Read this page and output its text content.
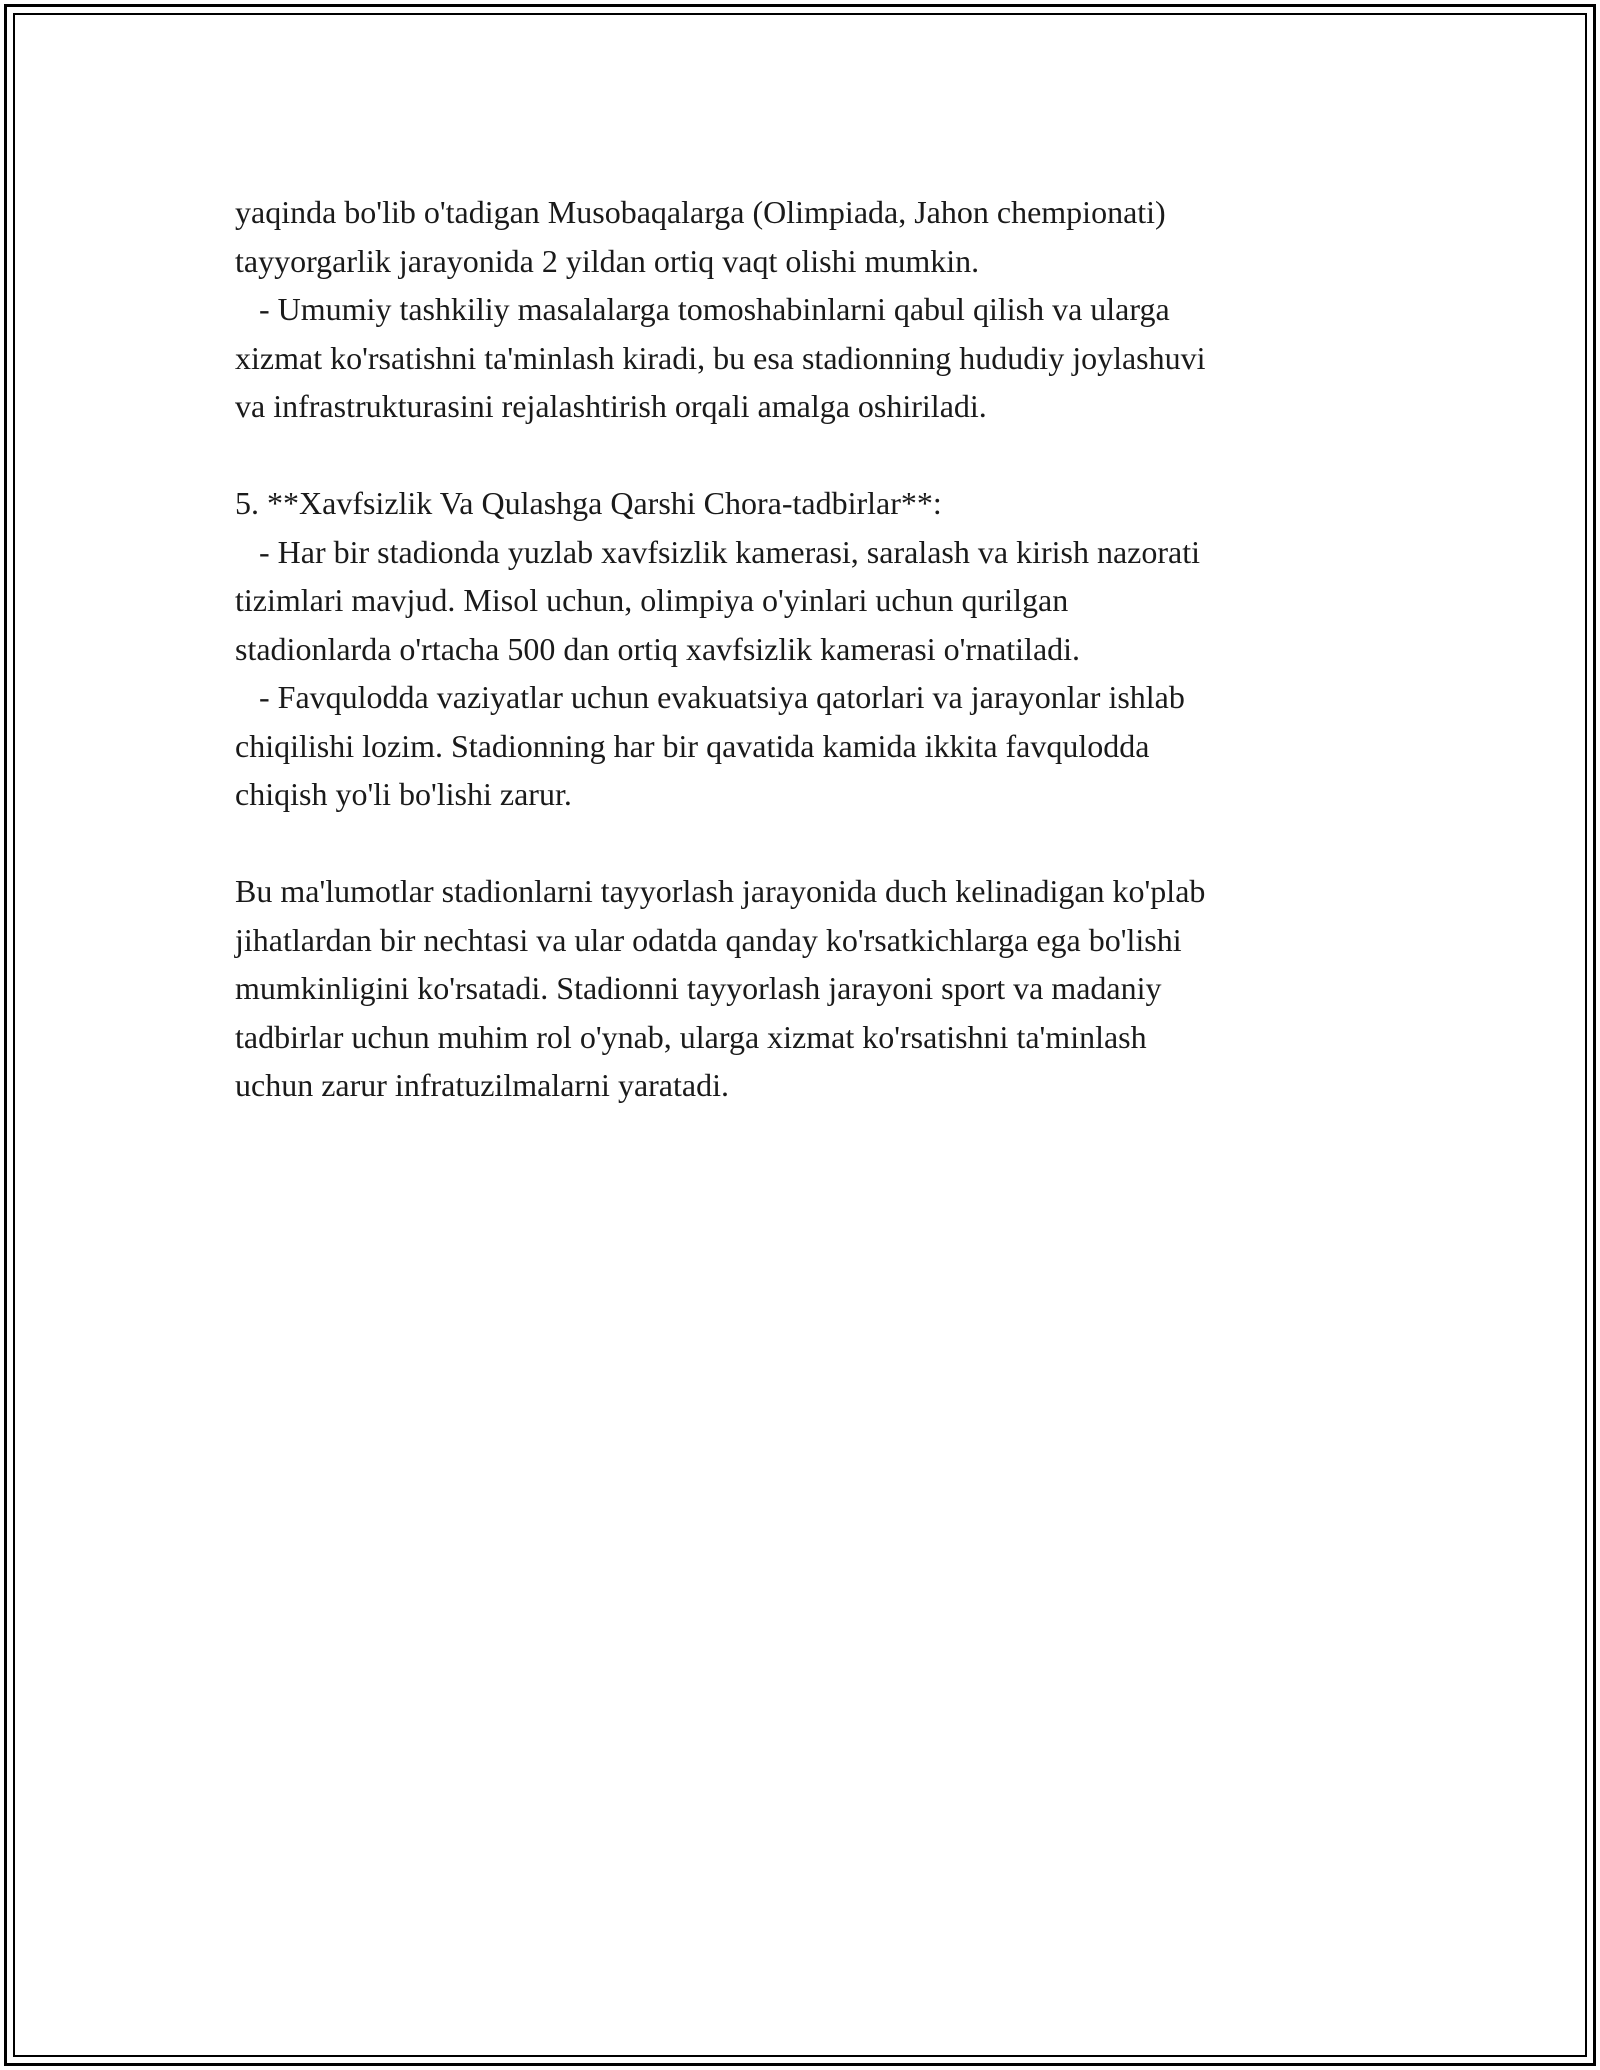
yaqinda bo'lib o'tadigan Musobaqalarga (Olimpiada, Jahon chempionati)
tayyorgarlik jarayonida 2 yildan ortiq vaqt olishi mumkin.
- Umumiy tashkiliy masalalarga tomoshabinlarni qabul qilish va ularga
xizmat ko'rsatishni ta'minlash kiradi, bu esa stadionning hududiy joylashuvi
va infrastrukturasini rejalashtirish orqali amalga oshiriladi.
5. **Xavfsizlik Va Qulashga Qarshi Chora-tadbirlar**:
- Har bir stadionda yuzlab xavfsizlik kamerasi, saralash va kirish nazorati
tizimlari mavjud. Misol uchun, olimpiya o'yinlari uchun qurilgan
stadionlarda o'rtacha 500 dan ortiq xavfsizlik kamerasi o'rnatiladi.
- Favqulodda vaziyatlar uchun evakuatsiya qatorlari va jarayonlar ishlab
chiqilishi lozim. Stadionning har bir qavatida kamida ikkita favqulodda
chiqish yo'li bo'lishi zarur.
Bu ma'lumotlar stadionlarni tayyorlash jarayonida duch kelinadigan ko'plab
jihatlardan bir nechtasi va ular odatda qanday ko'rsatkichlarga ega bo'lishi
mumkinligini ko'rsatadi. Stadionni tayyorlash jarayoni sport va madaniy
tadbirlar uchun muhim rol o'ynab, ularga xizmat ko'rsatishni ta'minlash
uchun zarur infratuzilmalarni yaratadi.
